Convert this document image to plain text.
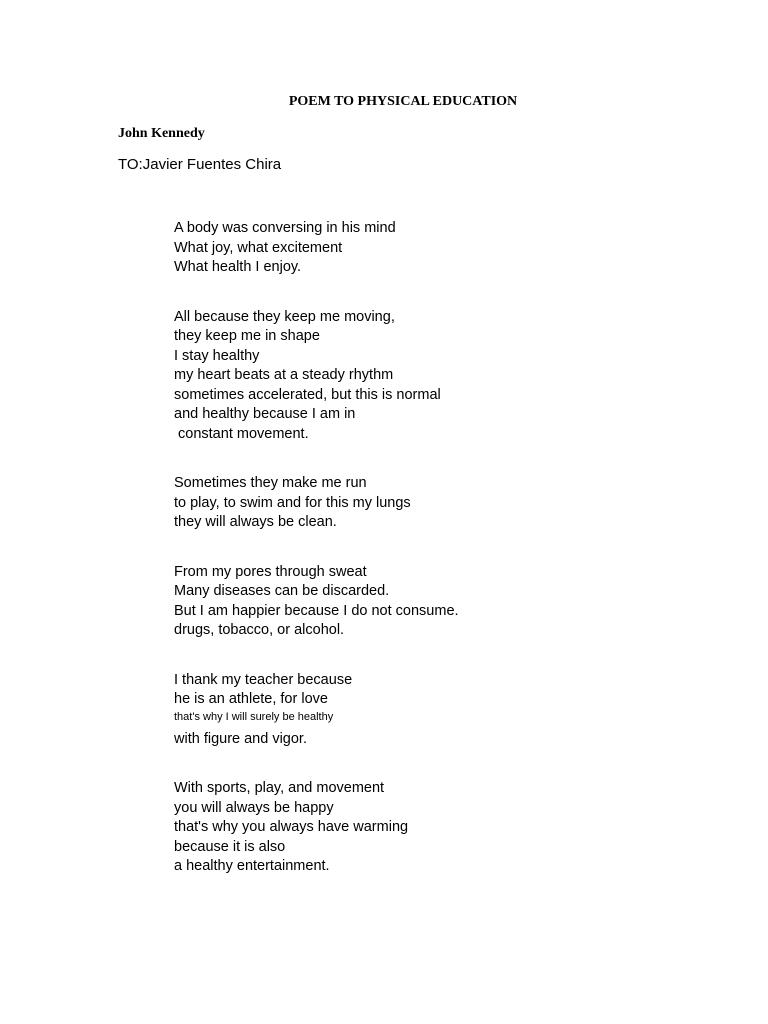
POEM TO PHYSICAL EDUCATION

John Kennedy

TO:Javier Fuentes Chira

A body was conversing in his mind
What joy, what excitement
What health I enjoy.
All because they keep me moving,
they keep me in shape
I stay healthy
my heart beats at a steady rhythm
sometimes accelerated, but this is normal
and healthy because I am in
constant movement.
Sometimes they make me run
to play, to swim and for this my lungs
they will always be clean.
From my pores through sweat
Many diseases can be discarded.
But I am happier because I do not consume.
drugs, tobacco, or alcohol.
I thank my teacher because
he is an athlete, for love
that's why I will surely be healthy
with figure and vigor.
With sports, play, and movement
you will always be happy
that's why you always have warming
because it is also
a healthy entertainment.
